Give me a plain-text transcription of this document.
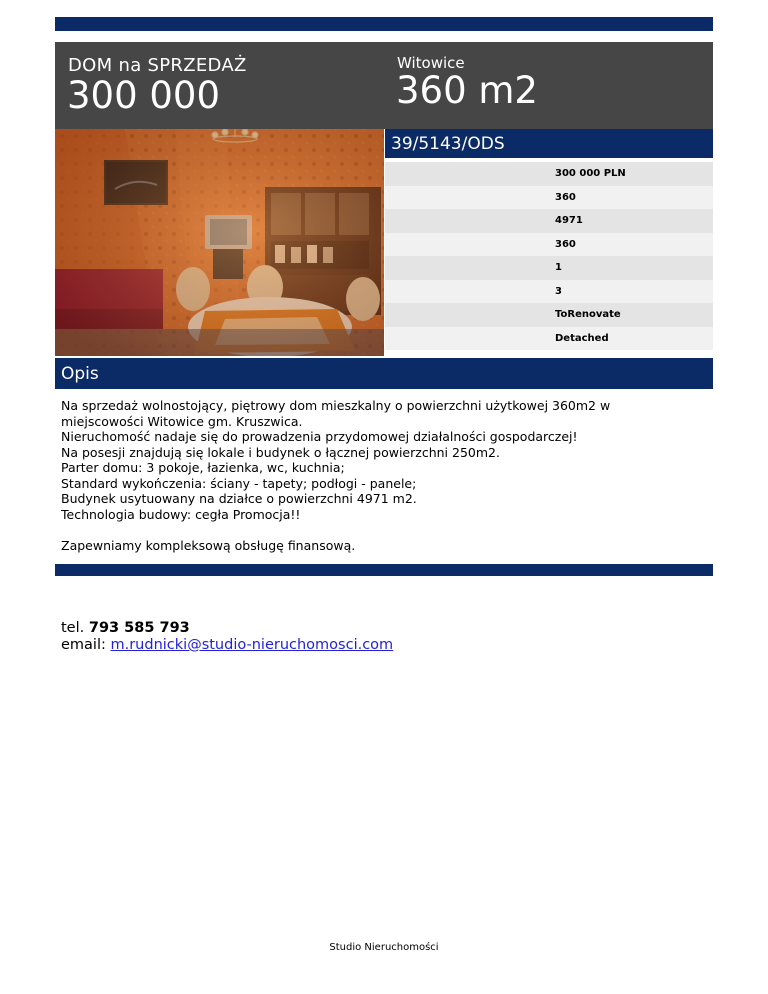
DOM na SPRZEDAŻ
300 000
Witowice
360 m2
39/5143/ODS
300 000 PLN
360
4971
360
1
3
ToRenovate
Detached
Opis

Na sprzedaż wolnostojący, piętrowy dom mieszkalny o powierzchni użytkowej 360m2 w

miejscowości Witowice gm. Kruszwica.

Nieruchomość nadaje się do prowadzenia przydomowej działalności gospodarczej!

Na posesji znajdują się lokale i budynek o łącznej powierzchni 250m2.

Parter domu: 3 pokoje, łazienka, wc, kuchnia;

Standard wykończenia: ściany - tapety; podłogi - panele;

Budynek usytuowany na działce o powierzchni 4971 m2.

Technologia budowy: cegła Promocja!!

Zapewniamy kompleksową obsługę finansową.

tel. 793 585 793
email: m.rudnicki@studio-nieruchomosci.com
Studio Nieruchomości
